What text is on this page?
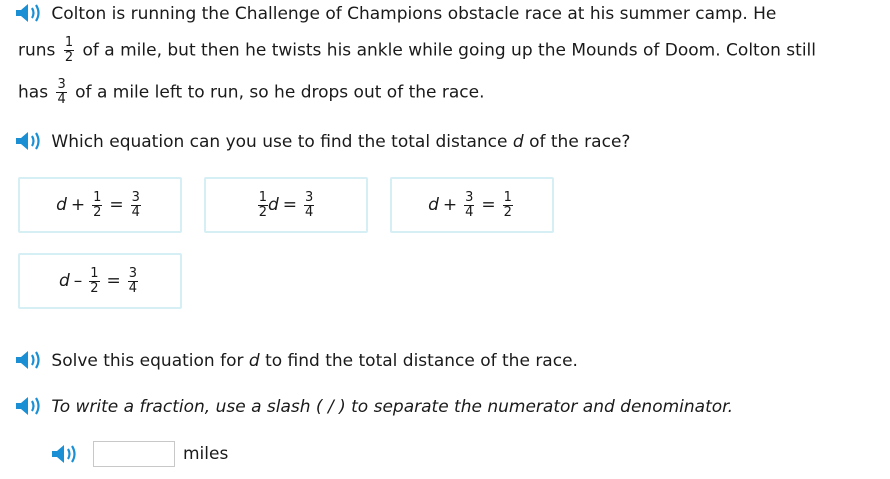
Colton is running the Challenge of Champions obstacle race at his summer camp. He
runs $\frac{1}{2}$ of a mile, but then he twists his ankle while going up the Mounds of Doom. Colton still
has $\frac{3}{4}$ of a mile left to run, so he drops out of the race.
Which equation can you use to find the total distance d of the race?
$d + \frac{1}{2} = \frac{3}{4}$	$\frac{1}{2}$ $d = \frac{3}{4}$	$d + \frac{3}{4} = \frac{1}{2}$
$d - \frac{1}{2} = \frac{3}{4}$
Solve this equation for d to find the total distance of the race.
To write a fraction, use a slash ( / ) to separate the numerator and denominator.
miles
